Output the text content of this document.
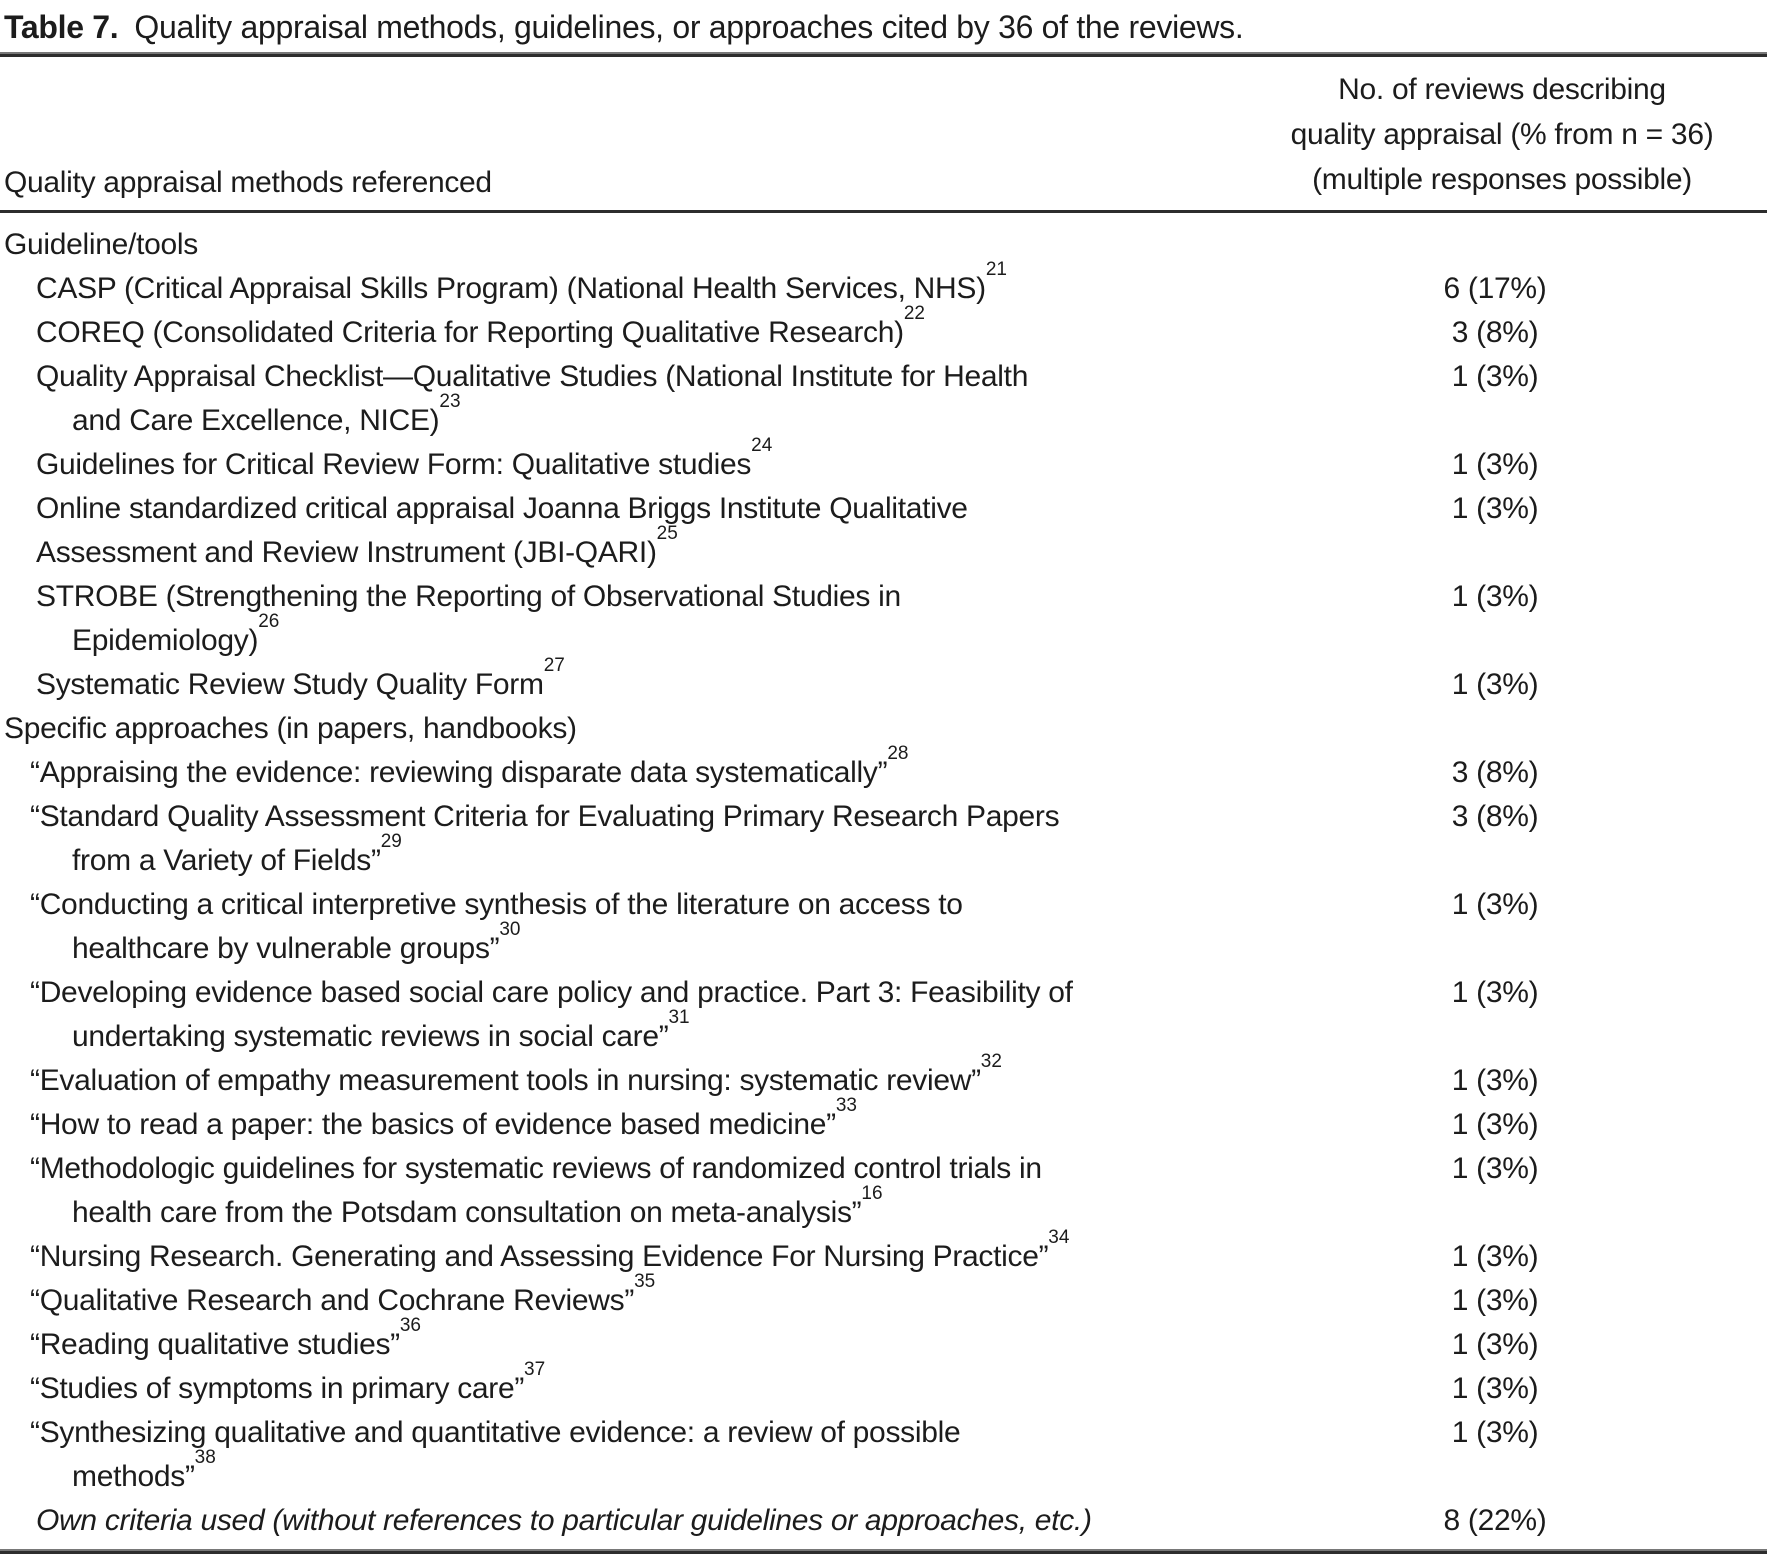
Table 7. Quality appraisal methods, guidelines, or approaches cited by 36 of the reviews.
Quality appraisal methods referenced
No. of reviews describing
quality appraisal (% from n = 36)
(multiple responses possible)
Guideline/tools
CASP (Critical Appraisal Skills Program) (National Health Services, NHS)$^{21}$
6 (17%)
COREQ (Consolidated Criteria for Reporting Qualitative Research)$^{22}$
3 (8%)
Quality Appraisal Checklist—Qualitative Studies (National Institute for Health
and Care Excellence, NICE)$^{23}$
1 (3%)
Guidelines for Critical Review Form: Qualitative studies$^{24}$
1 (3%)
Online standardized critical appraisal Joanna Briggs Institute Qualitative
Assessment and Review Instrument (JBI-QARI)$^{25}$
1 (3%)
STROBE (Strengthening the Reporting of Observational Studies in
Epidemiology)$^{26}$
1 (3%)
Systematic Review Study Quality Form$^{27}$
1 (3%)
Specific approaches (in papers, handbooks)
“Appraising the evidence: reviewing disparate data systematically”$^{28}$
3 (8%)
“Standard Quality Assessment Criteria for Evaluating Primary Research Papers
from a Variety of Fields”$^{29}$
3 (8%)
“Conducting a critical interpretive synthesis of the literature on access to
healthcare by vulnerable groups”$^{30}$
1 (3%)
“Developing evidence based social care policy and practice. Part 3: Feasibility of
undertaking systematic reviews in social care”$^{31}$
1 (3%)
“Evaluation of empathy measurement tools in nursing: systematic review”$^{32}$
1 (3%)
“How to read a paper: the basics of evidence based medicine”$^{33}$
1 (3%)
“Methodologic guidelines for systematic reviews of randomized control trials in
health care from the Potsdam consultation on meta-analysis”$^{16}$
1 (3%)
“Nursing Research. Generating and Assessing Evidence For Nursing Practice”$^{34}$
1 (3%)
“Qualitative Research and Cochrane Reviews”$^{35}$
1 (3%)
“Reading qualitative studies”$^{36}$
1 (3%)
“Studies of symptoms in primary care”$^{37}$
1 (3%)
“Synthesizing qualitative and quantitative evidence: a review of possible
methods”$^{38}$
1 (3%)
Own criteria used (without references to particular guidelines or approaches, etc.)	8 (22%)
